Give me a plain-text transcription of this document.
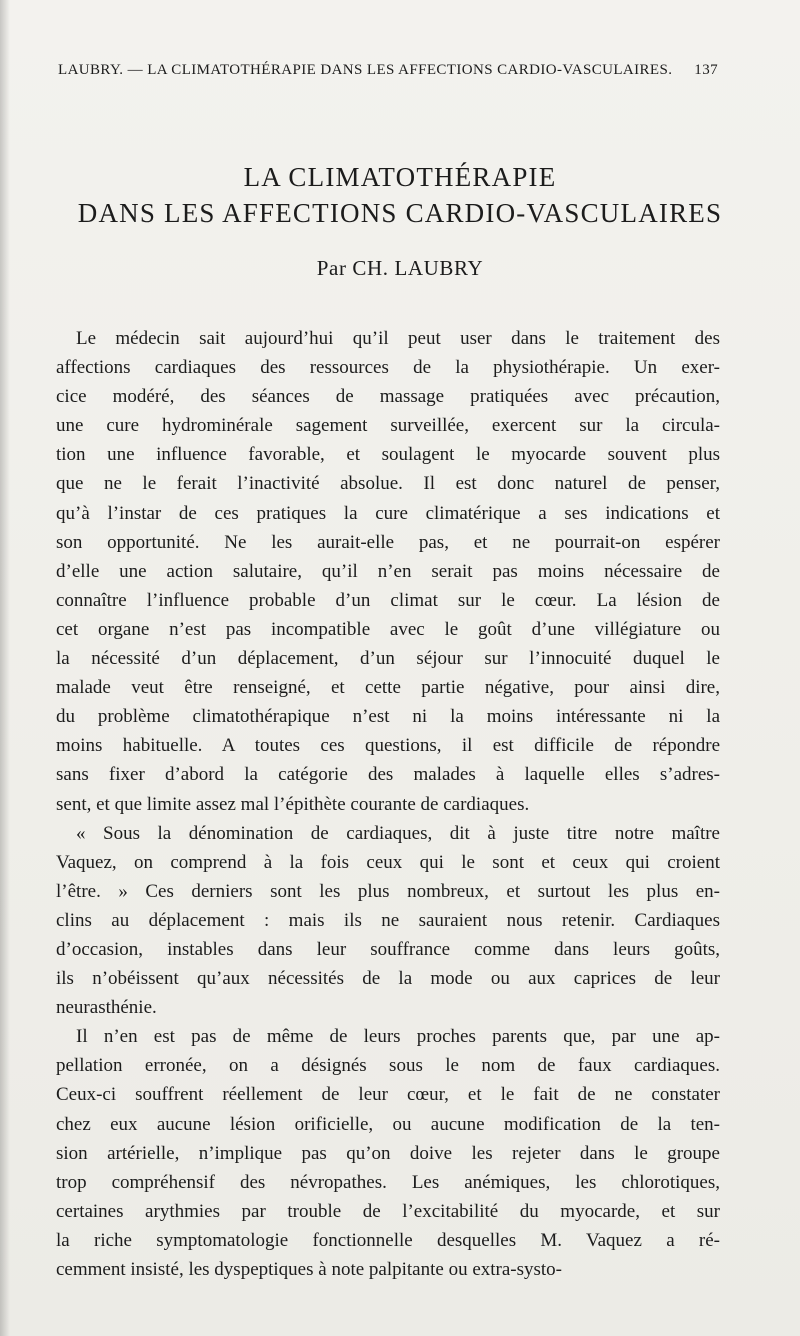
LAUBRY. — LA CLIMATOTHÉRAPIE DANS LES AFFECTIONS CARDIO-VASCULAIRES. 137
LA CLIMATOTHÉRAPIE
DANS LES AFFECTIONS CARDIO-VASCULAIRES
Par CH. LAUBRY
Le médecin sait aujourd’hui qu’il peut user dans le traitement des
affections cardiaques des ressources de la physiothérapie. Un exer-
cice modéré, des séances de massage pratiquées avec précaution,
une cure hydrominérale sagement surveillée, exercent sur la circula-
tion une influence favorable, et soulagent le myocarde souvent plus
que ne le ferait l’inactivité absolue. Il est donc naturel de penser,
qu’à l’instar de ces pratiques la cure climatérique a ses indications et
son opportunité. Ne les aurait-elle pas, et ne pourrait-on espérer
d’elle une action salutaire, qu’il n’en serait pas moins nécessaire de
connaître l’influence probable d’un climat sur le cœur. La lésion de
cet organe n’est pas incompatible avec le goût d’une villégiature ou
la nécessité d’un déplacement, d’un séjour sur l’innocuité duquel le
malade veut être renseigné, et cette partie négative, pour ainsi dire,
du problème climatothérapique n’est ni la moins intéressante ni la
moins habituelle. A toutes ces questions, il est difficile de répondre
sans fixer d’abord la catégorie des malades à laquelle elles s’adres-
sent, et que limite assez mal l’épithète courante de cardiaques.
« Sous la dénomination de cardiaques, dit à juste titre notre maître
Vaquez, on comprend à la fois ceux qui le sont et ceux qui croient
l’être. » Ces derniers sont les plus nombreux, et surtout les plus en-
clins au déplacement : mais ils ne sauraient nous retenir. Cardiaques
d’occasion, instables dans leur souffrance comme dans leurs goûts,
ils n’obéissent qu’aux nécessités de la mode ou aux caprices de leur
neurasthénie.
Il n’en est pas de même de leurs proches parents que, par une ap-
pellation erronée, on a désignés sous le nom de faux cardiaques.
Ceux-ci souffrent réellement de leur cœur, et le fait de ne constater
chez eux aucune lésion orificielle, ou aucune modification de la ten-
sion artérielle, n’implique pas qu’on doive les rejeter dans le groupe
trop compréhensif des névropathes. Les anémiques, les chlorotiques,
certaines arythmies par trouble de l’excitabilité du myocarde, et sur
la riche symptomatologie fonctionnelle desquelles M. Vaquez a ré-
cemment insisté, les dyspeptiques à note palpitante ou extra-systo-
